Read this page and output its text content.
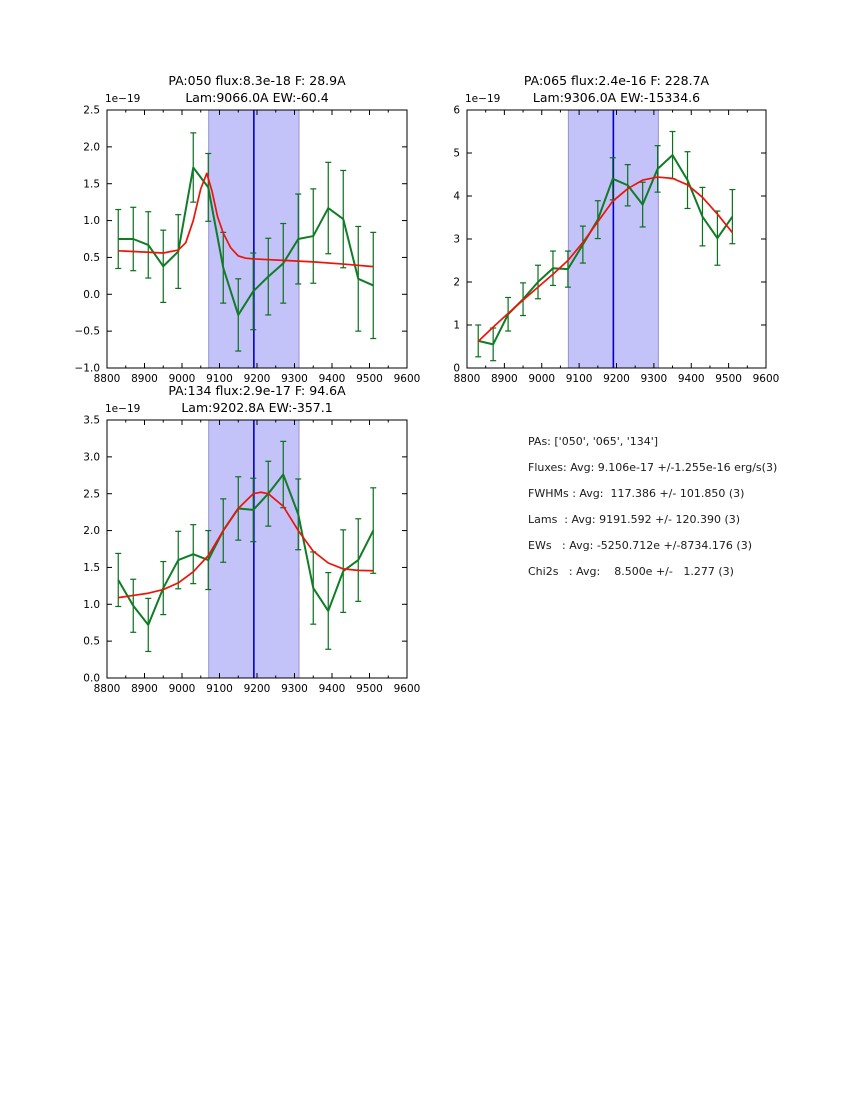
8800 8900 9000 9100 9200 9300 9400 9500 9600
−1.0
−0.5
0.0
0.5
1.0
1.5
2.0
2.5
8800 8900 9000 9100 9200 9300 9400 9500 9600
0
1
2
3
4
5
6
8800 8900 9000 9100 9200 9300 9400 9500 9600
0.0
0.5
1.0
1.5
2.0
2.5
3.0
3.5
PA:050 flux:8.3e-18 F: 28.9A
Lam:9066.0A EW:-60.4
PA:065 flux:2.4e-16 F: 228.7A
Lam:9306.0A EW:-15334.6
PA:134 flux:2.9e-17 F: 94.6A
Lam:9202.8A EW:-357.1
1e−19	1e−19
1e−19
PAs: ['050', '065', '134']
Fluxes: Avg: 9.106e-17 +/-1.255e-16 erg/s(3)
FWHMs : Avg:  117.386 +/- 101.850 (3)
Lams  : Avg: 9191.592 +/- 120.390 (3)
EWs   : Avg: -5250.712e +/-8734.176 (3)
Chi2s   : Avg:    8.500e +/-   1.277 (3)
